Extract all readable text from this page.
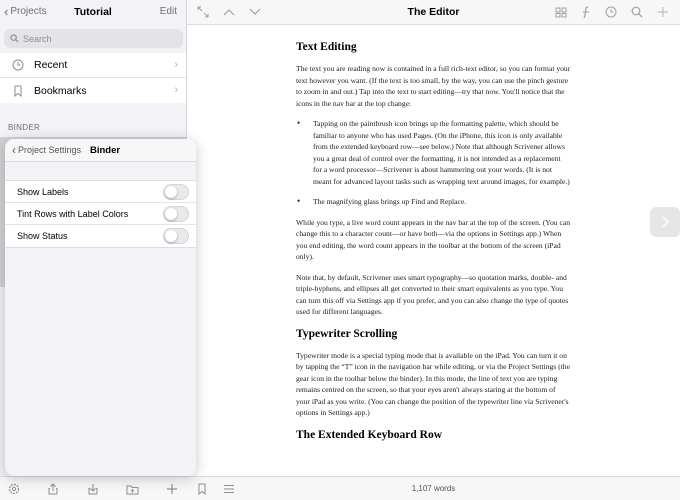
‹ Projects	Tutorial	Edit
Search
Recent	›
Bookmarks	›
BINDER
The Editor
Text Editing

The text you are reading now is contained in a full rich-text editor, so you can format your text however you want. (If the text is too small, by the way, you can use the pinch gesture to zoom in and out.) Tap into the text to start editing—try that now. You'll notice that the icons in the nav bar at the top change:

• Tapping on the paintbrush icon brings up the formatting palette, which should be familiar to anyone who has used Pages. (On the iPhone, this icon is only available from the extended keyboard row—see below.) Note that although Scrivener allows you a great deal of control over the formatting, it is not intended as a replacement for a word processor—Scrivener is about hammering out your words. (It is not meant for advanced layout tasks such as wrapping text around images, for example.)
• The magnifying glass brings up Find and Replace.

While you type, a live word count appears in the nav bar at the top of the screen. (You can change this to a character count—or have both—via the options in Settings app.) When you end editing, the word count appears in the toolbar at the bottom of the screen (iPad only).

Note that, by default, Scrivener uses smart typography—so quotation marks, double- and triple-hyphens, and ellipses all get converted to their smart equivalents as you type. You can turn this off via Settings app if you prefer, and you can also change the type of quotes used for different languages.

Typewriter Scrolling

Typewriter mode is a special typing mode that is available on the iPad. You can turn it on by tapping the “T” icon in the navigation bar while editing, or via the Project Settings (the gear icon in the toolbar below the binder). In this mode, the line of text you are typing remains centred on the screen, so that your eyes aren't always staring at the bottom of your iPad as you write. (You can change the position of the typewriter line via Scrivener's options in Settings app.)

The Extended Keyboard Row
1,107 words
‹ Project Settings Binder
Show Labels
Tint Rows with Label Colors
Show Status
